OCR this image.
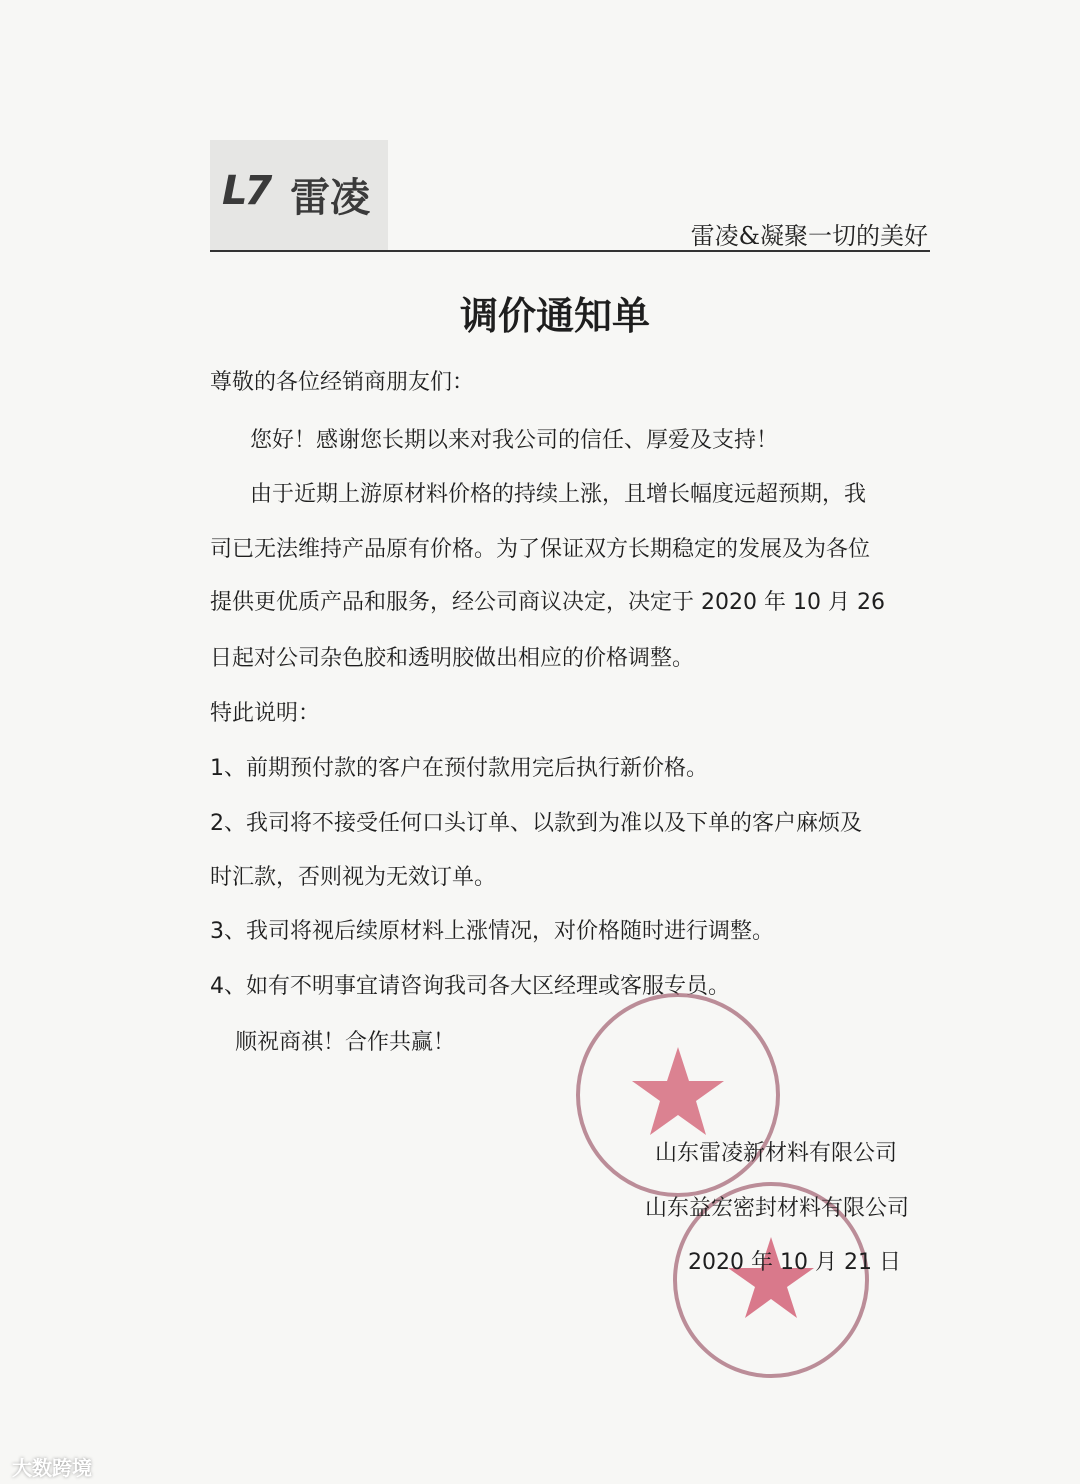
L7 雷凌
雷凌&凝聚一切的美好
调价通知单
尊敬的各位经销商朋友们：
您好！感谢您长期以来对我公司的信任、厚爱及支持！
由于近期上游原材料价格的持续上涨，且增长幅度远超预期，我
司已无法维持产品原有价格。为了保证双方长期稳定的发展及为各位
提供更优质产品和服务，经公司商议决定，决定于 2020 年 10 月 26
日起对公司杂色胶和透明胶做出相应的价格调整。
特此说明：
1、前期预付款的客户在预付款用完后执行新价格。
2、我司将不接受任何口头订单、以款到为准以及下单的客户麻烦及
时汇款，否则视为无效订单。
3、我司将视后续原材料上涨情况，对价格随时进行调整。
4、如有不明事宜请咨询我司各大区经理或客服专员。
顺祝商祺！合作共赢！
山东雷凌新材料有限公司
山东益宏密封材料有限公司
2020 年 10 月 21 日
大数跨境
